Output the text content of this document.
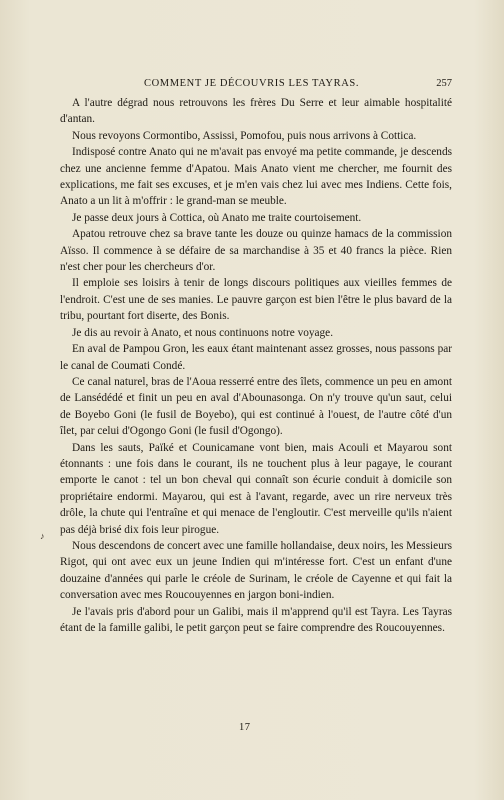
COMMENT JE DÉCOUVRIS LES TAYRAS.	257

A l'autre dégrad nous retrouvons les frères Du Serre et leur aimable hospitalité d'antan.

Nous revoyons Cormontibo, Assissi, Pomofou, puis nous arrivons à Cottica.

Indisposé contre Anato qui ne m'avait pas envoyé ma petite commande, je descends chez une ancienne femme d'Apatou. Mais Anato vient me chercher, me fournit des explications, me fait ses excuses, et je m'en vais chez lui avec mes Indiens. Cette fois, Anato a un lit à m'offrir : le grand-man se meuble.

Je passe deux jours à Cottica, où Anato me traite courtoisement.

Apatou retrouve chez sa brave tante les douze ou quinze hamacs de la commission Aïsso. Il commence à se défaire de sa marchandise à 35 et 40 francs la pièce. Rien n'est cher pour les chercheurs d'or.

Il emploie ses loisirs à tenir de longs discours politiques aux vieilles femmes de l'endroit. C'est une de ses manies. Le pauvre garçon est bien l'être le plus bavard de la tribu, pourtant fort diserte, des Bonis.

Je dis au revoir à Anato, et nous continuons notre voyage.

En aval de Pampou Gron, les eaux étant maintenant assez grosses, nous passons par le canal de Coumati Condé.

Ce canal naturel, bras de l'Aoua resserré entre des îlets, commence un peu en amont de Lansédédé et finit un peu en aval d'Abounasonga. On n'y trouve qu'un saut, celui de Boyebo Goni (le fusil de Boyebo), qui est continué à l'ouest, de l'autre côté d'un îlet, par celui d'Ogongo Goni (le fusil d'Ogongo).

Dans les sauts, Païké et Counicamane vont bien, mais Acouli et Mayarou sont étonnants : une fois dans le courant, ils ne touchent plus à leur pagaye, le courant emporte le canot : tel un bon cheval qui connaît son écurie conduit à domicile son propriétaire endormi. Mayarou, qui est à l'avant, regarde, avec un rire nerveux très drôle, la chute qui l'entraîne et qui menace de l'engloutir. C'est merveille qu'ils n'aient pas déjà brisé dix fois leur pirogue.

Nous descendons de concert avec une famille hollandaise, deux noirs, les Messieurs Rigot, qui ont avec eux un jeune Indien qui m'intéresse fort. C'est un enfant d'une douzaine d'années qui parle le créole de Surinam, le créole de Cayenne et qui fait la conversation avec mes Roucouyennes en jargon boni-indien.

Je l'avais pris d'abord pour un Galibi, mais il m'apprend qu'il est Tayra. Les Tayras étant de la famille galibi, le petit garçon peut se faire comprendre des Roucouyennes.

♪
17
